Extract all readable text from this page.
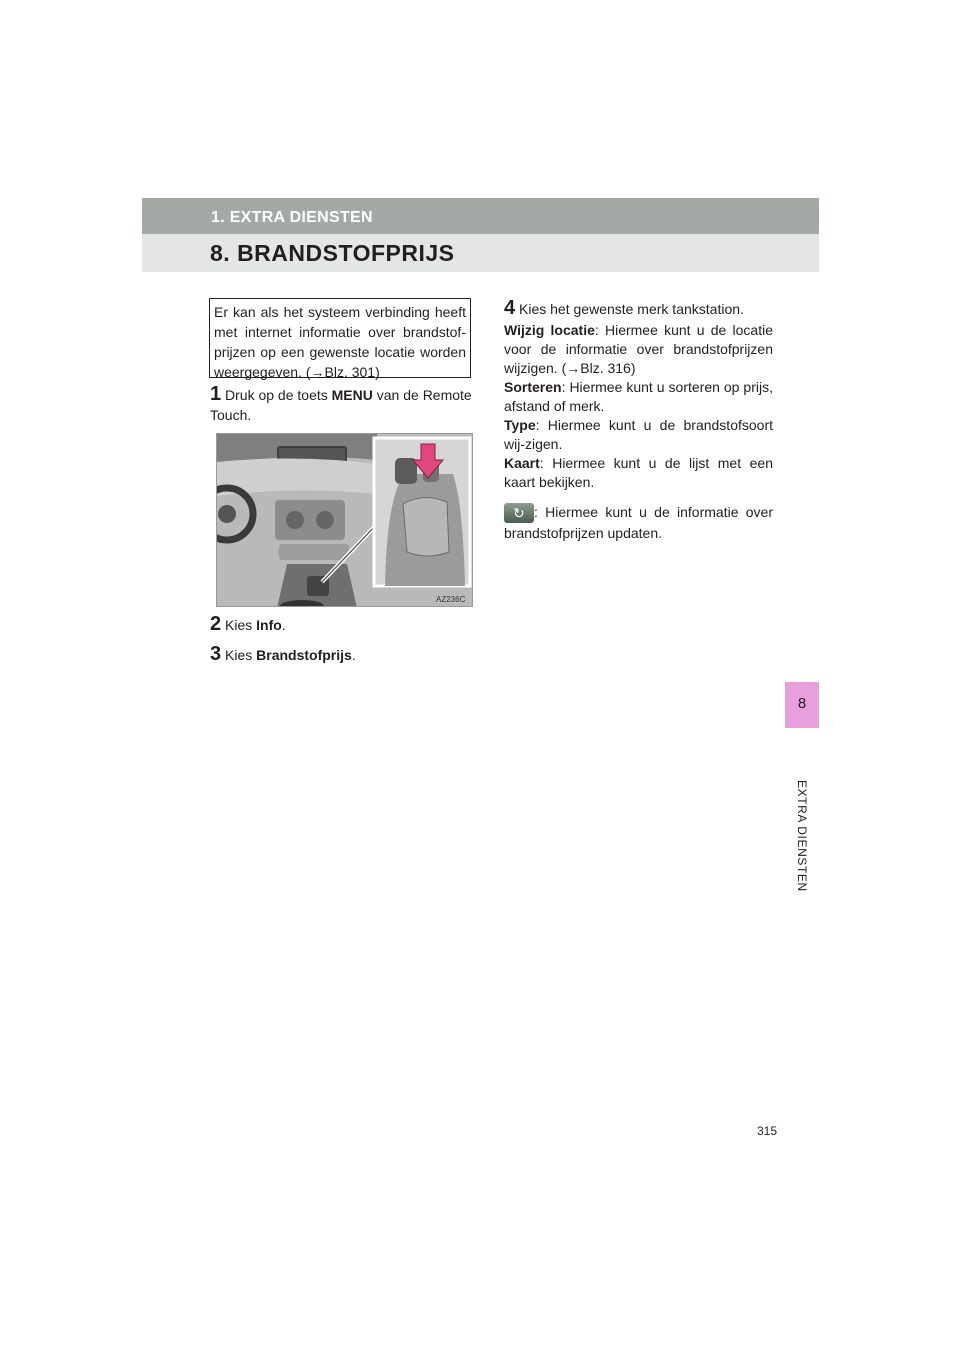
1. EXTRA DIENSTEN
8. BRANDSTOFPRIJS
8
EXTRA DIENSTEN
Er kan als het systeem verbinding heeft met internet informatie over brandstof-prijzen op een gewenste locatie worden weergegeven. (→Blz. 301)
1 Druk op de toets MENU van de Remote Touch.
AZ236C
2 Kies Info.
3 Kies Brandstofprijs.
4 Kies het gewenste merk tankstation.
Wijzig locatie: Hiermee kunt u de locatie voor de informatie over brandstofprijzen wijzigen. (→Blz. 316)
Sorteren: Hiermee kunt u sorteren op prijs, afstand of merk.
Type: Hiermee kunt u de brandstofsoort wij-zigen.
Kaart: Hiermee kunt u de lijst met een kaart bekijken.
↻ : Hiermee kunt u de informatie over brandstofprijzen updaten.
315
